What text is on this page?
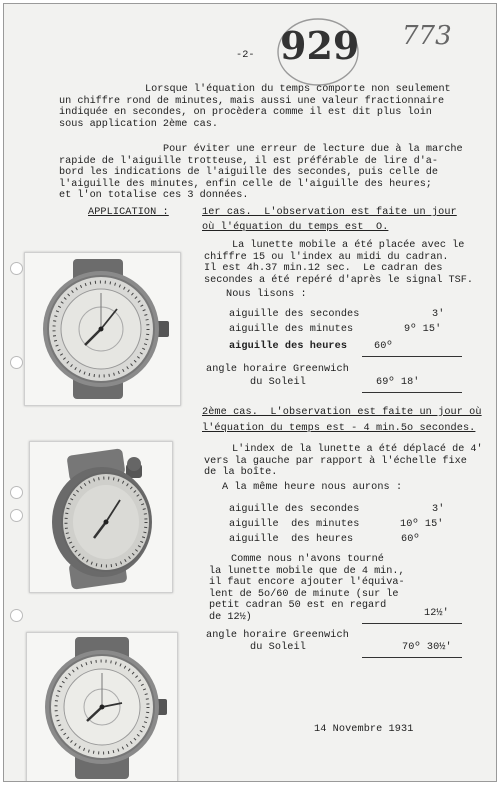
-2- 929 773
Lorsque l'équation du temps comporte non seulement
un chiffre rond de minutes, mais aussi une valeur fractionnaire
indiquée en secondes, on procèdera comme il est dit plus loin
sous application 2ème cas.
Pour éviter une erreur de lecture due à la marche
rapide de l'aiguille trotteuse, il est préférable de lire d'a-
bord les indications de l'aiguille des secondes, puis celle de
l'aiguille des minutes, enfin celle de l'aiguille des heures;
et l'on totalise ces 3 données.
APPLICATION :	1er cas.  L'observation est faite un jour
où l'équation du temps est  O.
La lunette mobile a été placée avec le
chiffre 15 ou l'index au midi du cadran.
Il est 4h.37 min.12 sec.  Le cadran des
secondes a été repéré d'après le signal TSF.
Nous lisons :
aiguille des secondes	3'
aiguille des minutes	9º 15'
aiguille des heures	60º
angle horaire Greenwich
du Soleil	69º 18'
2ème cas.  L'observation est faite un jour où
l'équation du temps est - 4 min.5o secondes.
L'index de la lunette a été déplacé de 4'
vers la gauche par rapport à l'échelle fixe
de la boîte.
A la même heure nous aurons :
aiguille des secondes	3'
aiguille  des minutes	10º 15'
aiguille  des heures	60º
Comme nous n'avons tourné
la lunette mobile que de 4 min.,
il faut encore ajouter l'équiva-
lent de 5o/60 de minute (sur le
petit cadran 50 est en regard
de 12½)	12½'
angle horaire Greenwich
du Soleil	70º 30½'
14 Novembre 1931
